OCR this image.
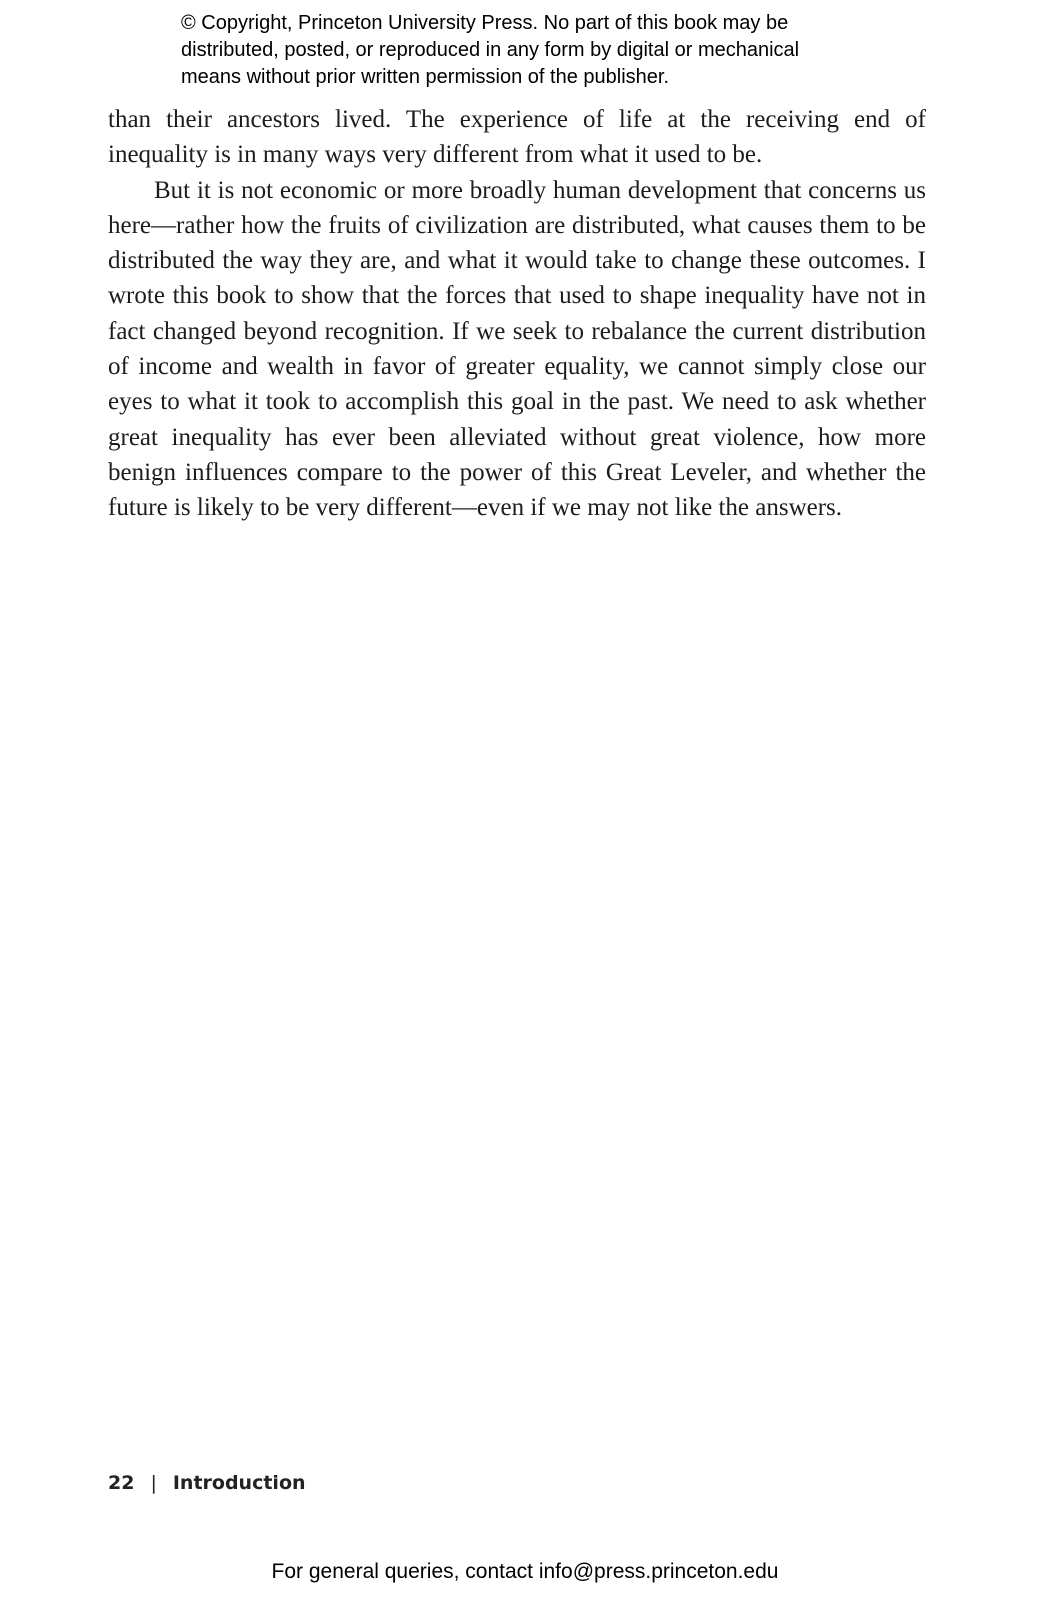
© Copyright, Princeton University Press. No part of this book may be
distributed, posted, or reproduced in any form by digital or mechanical
means without prior written permission of the publisher.

than their ancestors lived. The experience of life at the receiving end of inequality is in many ways very different from what it used to be.

But it is not economic or more broadly human development that concerns us here—rather how the fruits of civilization are distributed, what causes them to be distributed the way they are, and what it would take to change these outcomes. I wrote this book to show that the forces that used to shape inequality have not in fact changed beyond recognition. If we seek to rebalance the current distribution of income and wealth in favor of greater equality, we cannot simply close our eyes to what it took to accomplish this goal in the past. We need to ask whether great inequality has ever been alleviated without great violence, how more benign influences compare to the power of this Great Leveler, and whether the future is likely to be very different—even if we may not like the answers.

22 | Introduction
For general queries, contact info@press.princeton.edu
